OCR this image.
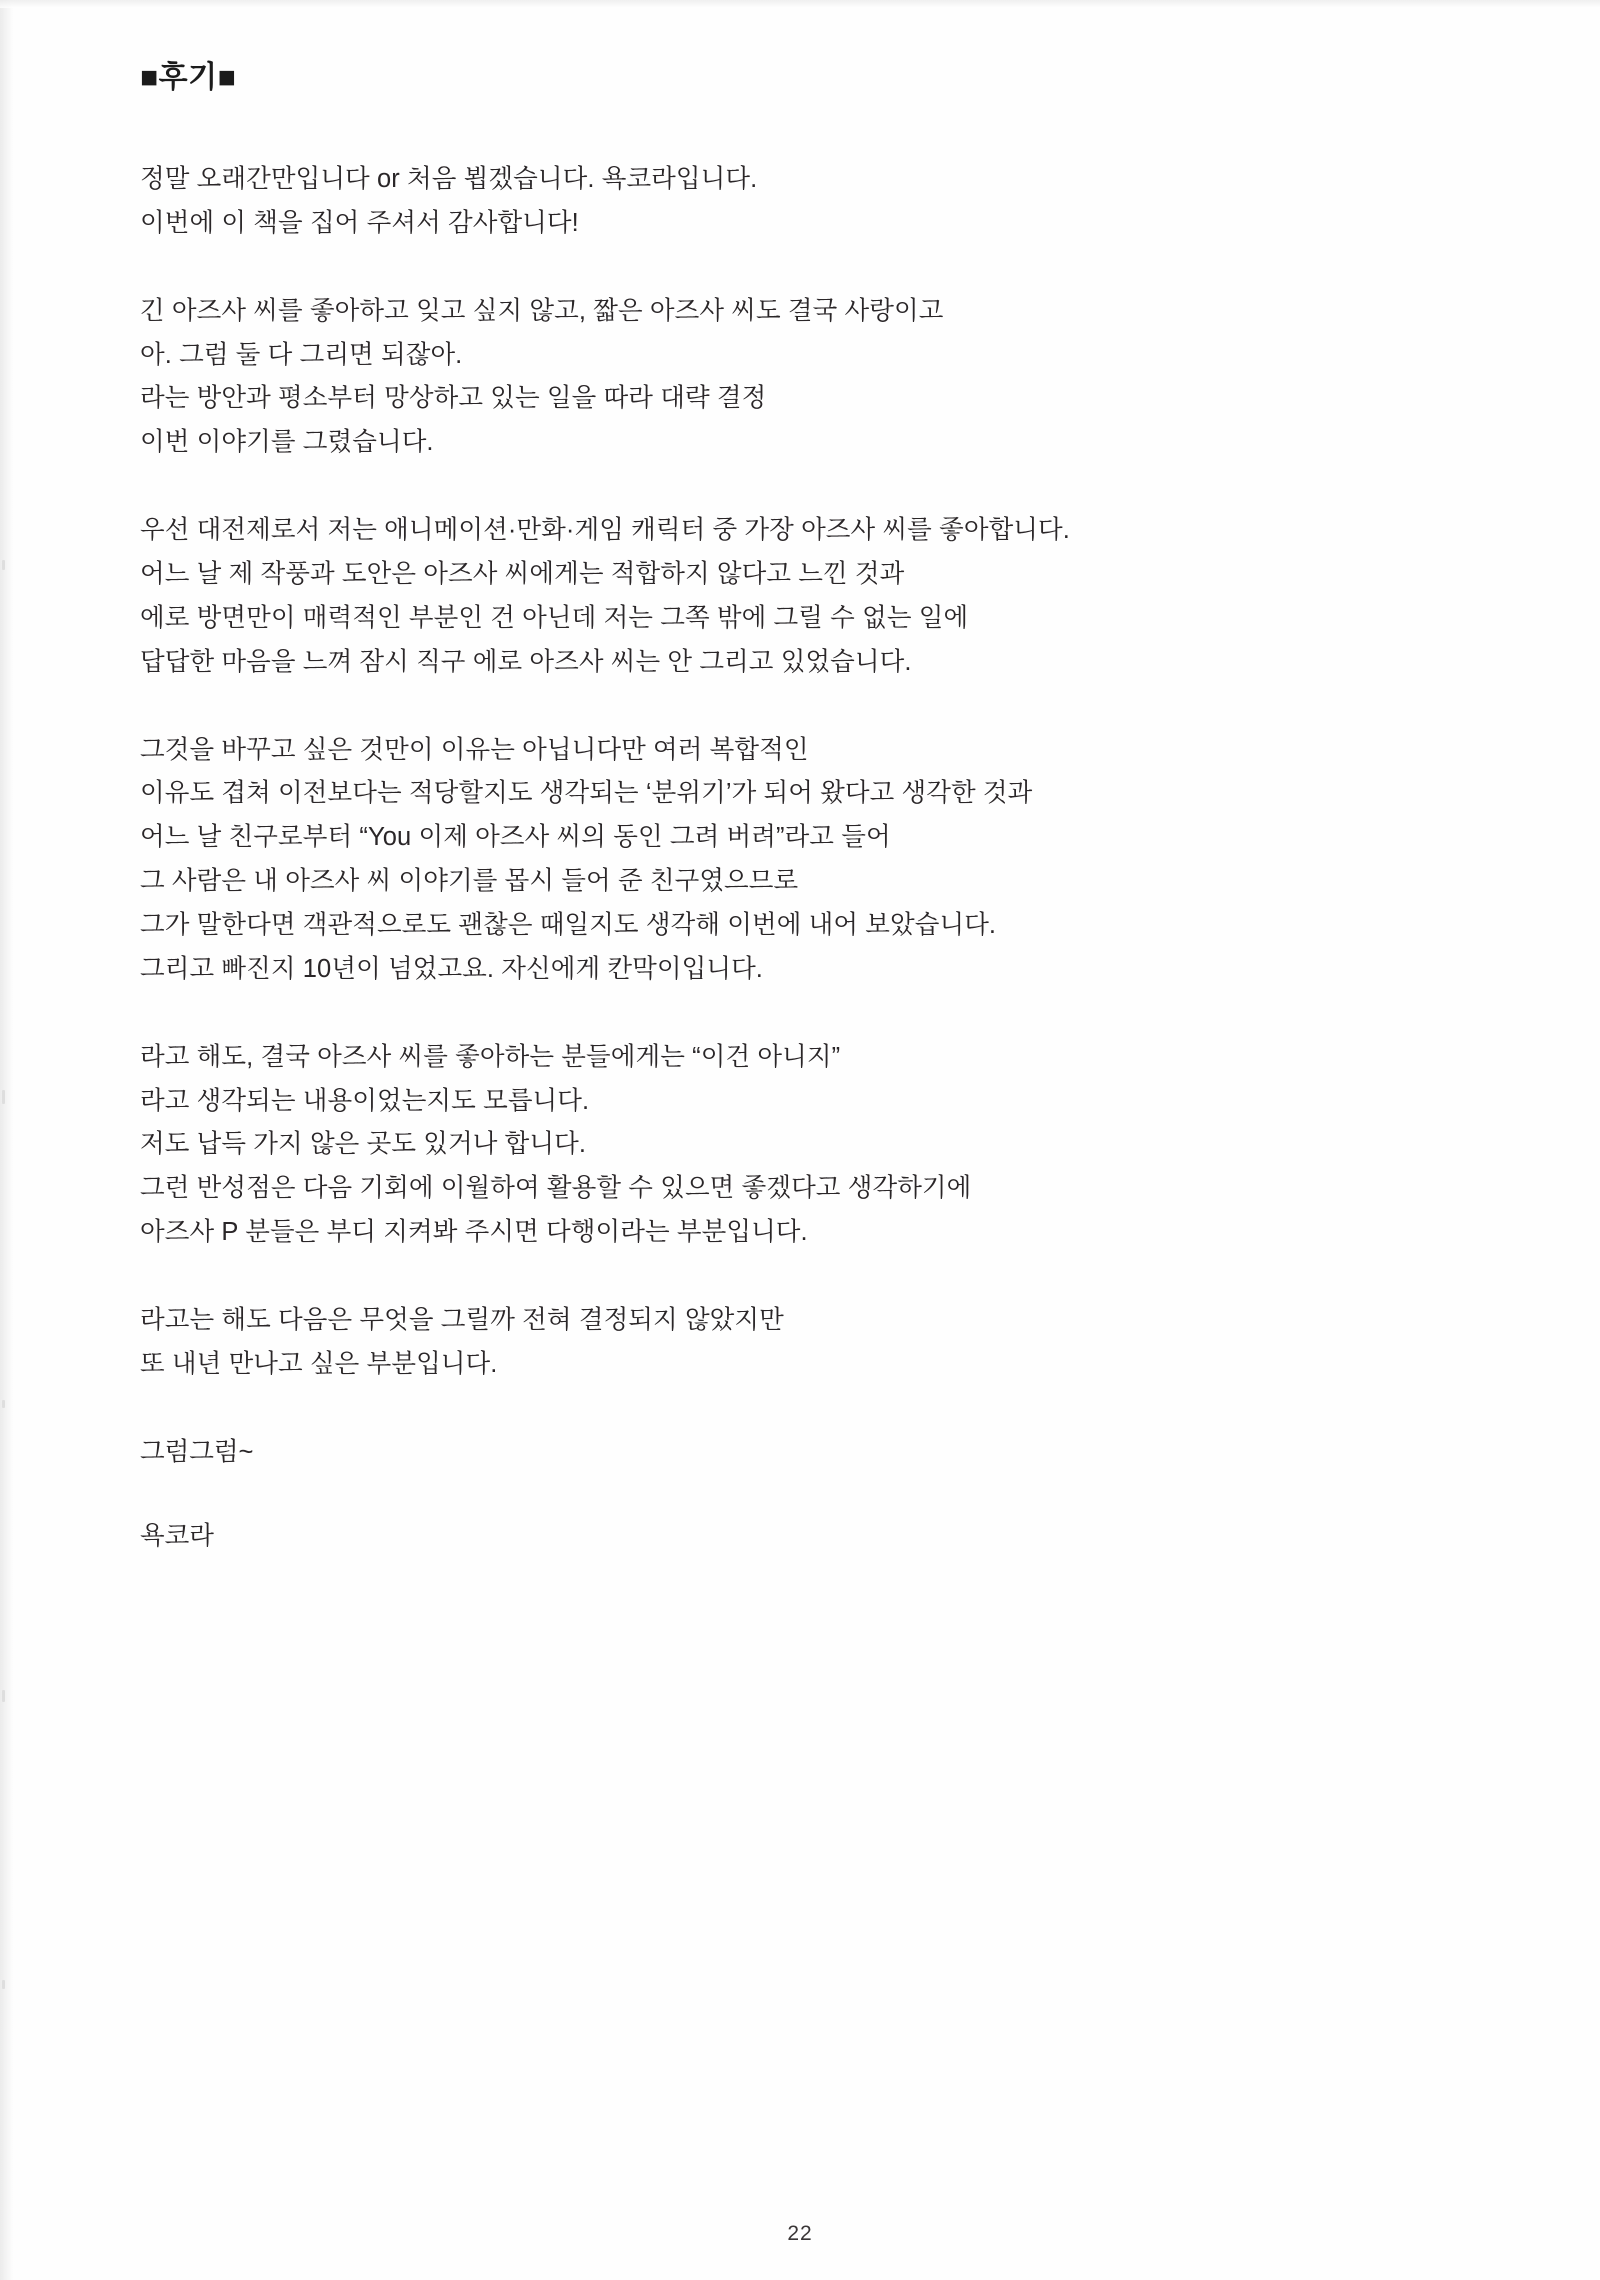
■후기■

정말 오래간만입니다 or 처음 뵙겠습니다. 욕코라입니다.
이번에 이 책을 집어 주셔서 감사합니다!

긴 아즈사 씨를 좋아하고 잊고 싶지 않고, 짧은 아즈사 씨도 결국 사랑이고
아. 그럼 둘 다 그리면 되잖아.
라는 방안과 평소부터 망상하고 있는 일을 따라 대략 결정
이번 이야기를 그렸습니다.

우선 대전제로서 저는 애니메이션·만화·게임 캐릭터 중 가장 아즈사 씨를 좋아합니다.
어느 날 제 작풍과 도안은 아즈사 씨에게는 적합하지 않다고 느낀 것과
에로 방면만이 매력적인 부분인 건 아닌데 저는 그쪽 밖에 그릴 수 없는 일에
답답한 마음을 느껴 잠시 직구 에로 아즈사 씨는 안 그리고 있었습니다.

그것을 바꾸고 싶은 것만이 이유는 아닙니다만 여러 복합적인
이유도 겹쳐 이전보다는 적당할지도 생각되는 ‘분위기’가 되어 왔다고 생각한 것과
어느 날 친구로부터 “You 이제 아즈사 씨의 동인 그려 버려”라고 들어
그 사람은 내 아즈사 씨 이야기를 몹시 들어 준 친구였으므로
그가 말한다면 객관적으로도 괜찮은 때일지도 생각해 이번에 내어 보았습니다.
그리고 빠진지 10년이 넘었고요. 자신에게 칸막이입니다.

라고 해도, 결국 아즈사 씨를 좋아하는 분들에게는 “이건 아니지”
라고 생각되는 내용이었는지도 모릅니다.
저도 납득 가지 않은 곳도 있거나 합니다.
그런 반성점은 다음 기회에 이월하여 활용할 수 있으면 좋겠다고 생각하기에
아즈사 P 분들은 부디 지켜봐 주시면 다행이라는 부분입니다.

라고는 해도 다음은 무엇을 그릴까 전혀 결정되지 않았지만
또 내년 만나고 싶은 부분입니다.

그럼그럼~

욕코라

22
